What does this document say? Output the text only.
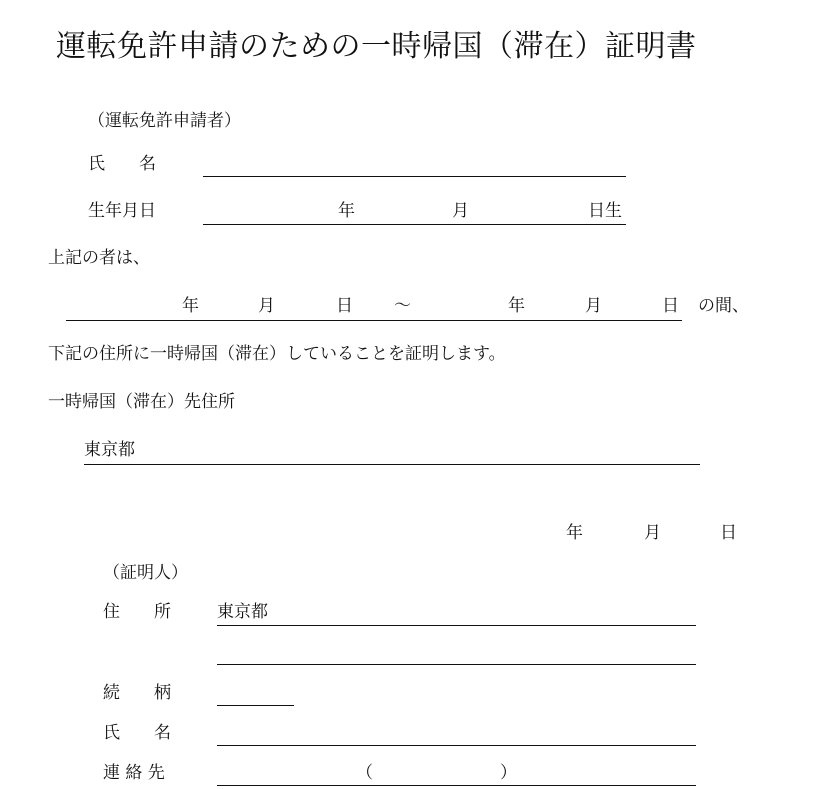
運転免許申請のための一時帰国（滞在）証明書
（運転免許申請者）
氏　　名
生年月日	年	月	日生
上記の者は、
年	月	日 〜	年	月	日 の間、
下記の住所に一時帰国（滞在）していることを証明します。
一時帰国（滞在）先住所
東京都
年	月	日
（証明人）
住　　所	東京都
続　　柄
氏　　名
連 絡 先	（	）
